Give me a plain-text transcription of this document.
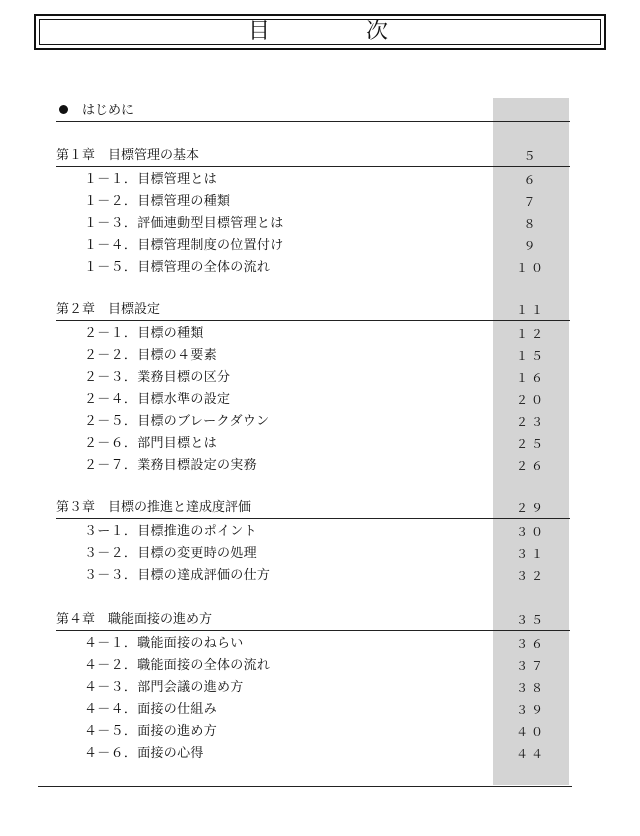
目	次
はじめに
第１章　目標管理の基本	５
１－１．目標管理とは	６
１－２．目標管理の種類	７
１－３．評価連動型目標管理とは	８
１－４．目標管理制度の位置付け	９
１－５．目標管理の全体の流れ	１０
第２章　目標設定	１１
２－１．目標の種類	１２
２－２．目標の４要素	１５
２－３．業務目標の区分	１６
２－４．目標水準の設定	２０
２－５．目標のブレークダウン	２３
２－６．部門目標とは	２５
２－７．業務目標設定の実務	２６
第３章　目標の推進と達成度評価	２９
３ー１．目標推進のポイント	３０
３－２．目標の変更時の処理	３１
３－３．目標の達成評価の仕方	３２
第４章　職能面接の進め方	３５
４－１．職能面接のねらい	３６
４－２．職能面接の全体の流れ	３７
４－３．部門会議の進め方	３８
４－４．面接の仕組み	３９
４－５．面接の進め方	４０
４－６．面接の心得	４４
